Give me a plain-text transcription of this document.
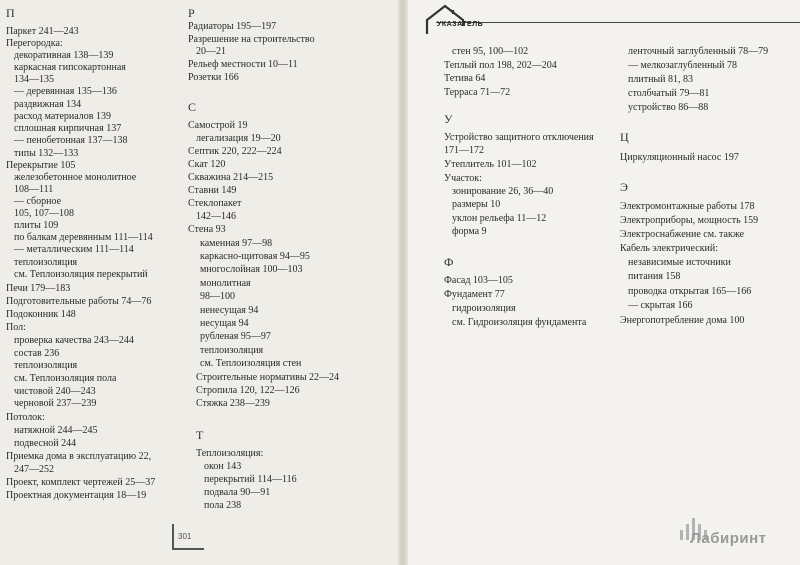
УКАЗАТЕЛЬ
П
Паркет 241—243
Перегородка:
декоративная 138—139
каркасная гипсокартонная
134—135
— деревянная 135—136
раздвижная 134
расход материалов 139
сплошная кирпичная 137
— пенобетонная 137—138
типы 132—133
Перекрытие 105
железобетонное монолитное
108—111
— сборное
105, 107—108
плиты 109
по балкам деревянным 111—114
— металлическим 111—114
теплоизоляция
см. Теплоизоляция перекрытий
Печи 179—183
Подготовительные работы 74—76
Подоконник 148
Пол:
проверка качества 243—244
состав 236
теплоизоляция
см. Теплоизоляция пола
чистовой 240—243
черновой 237—239
Потолок:
натяжной 244—245
подвесной 244
Приемка дома в эксплуатацию 22,
247—252
Проект, комплект чертежей 25—37
Проектная документация 18—19
Р
Радиаторы 195—197
Разрешение на строительство
20—21
Рельеф местности 10—11
Розетки 166
С
Самострой 19
легализация 19—20
Септик 220, 222—224
Скат 120
Скважина 214—215
Ставни 149
Стеклопакет
142—146
Стена 93
каменная 97—98
каркасно-щитовая 94—95
многослойная 100—103
монолитная
98—100
ненесущая 94
несущая 94
рубленая 95—97
теплоизоляция
см. Теплоизоляция стен
Строительные нормативы 22—24
Стропила 120, 122—126
Стяжка 238—239
Т
Теплоизоляция:
окон 143
перекрытий 114—116
подвала 90—91
пола 238
стен 95, 100—102
Теплый пол 198, 202—204
Тетива 64
Терраса 71—72
У
Устройство защитного отключения
171—172
Утеплитель 101—102
Участок:
зонирование 26, 36—40
размеры 10
уклон рельефа 11—12
форма 9
Ф
Фасад 103—105
Фундамент 77
гидроизоляция
см. Гидроизоляция фундамента
ленточный заглубленный 78—79
— мелкозаглубленный 78
плитный 81, 83
столбчатый 79—81
устройство 86—88
Ц
Циркуляционный насос 197
Э
Электромонтажные работы 178
Электроприборы, мощность 159
Электроснабжение см. также
Кабель электрический:
независимые источники
питания 158
проводка открытая 165—166
— скрытая 166
Энергопотребление дома 100
301	Лабиринт
